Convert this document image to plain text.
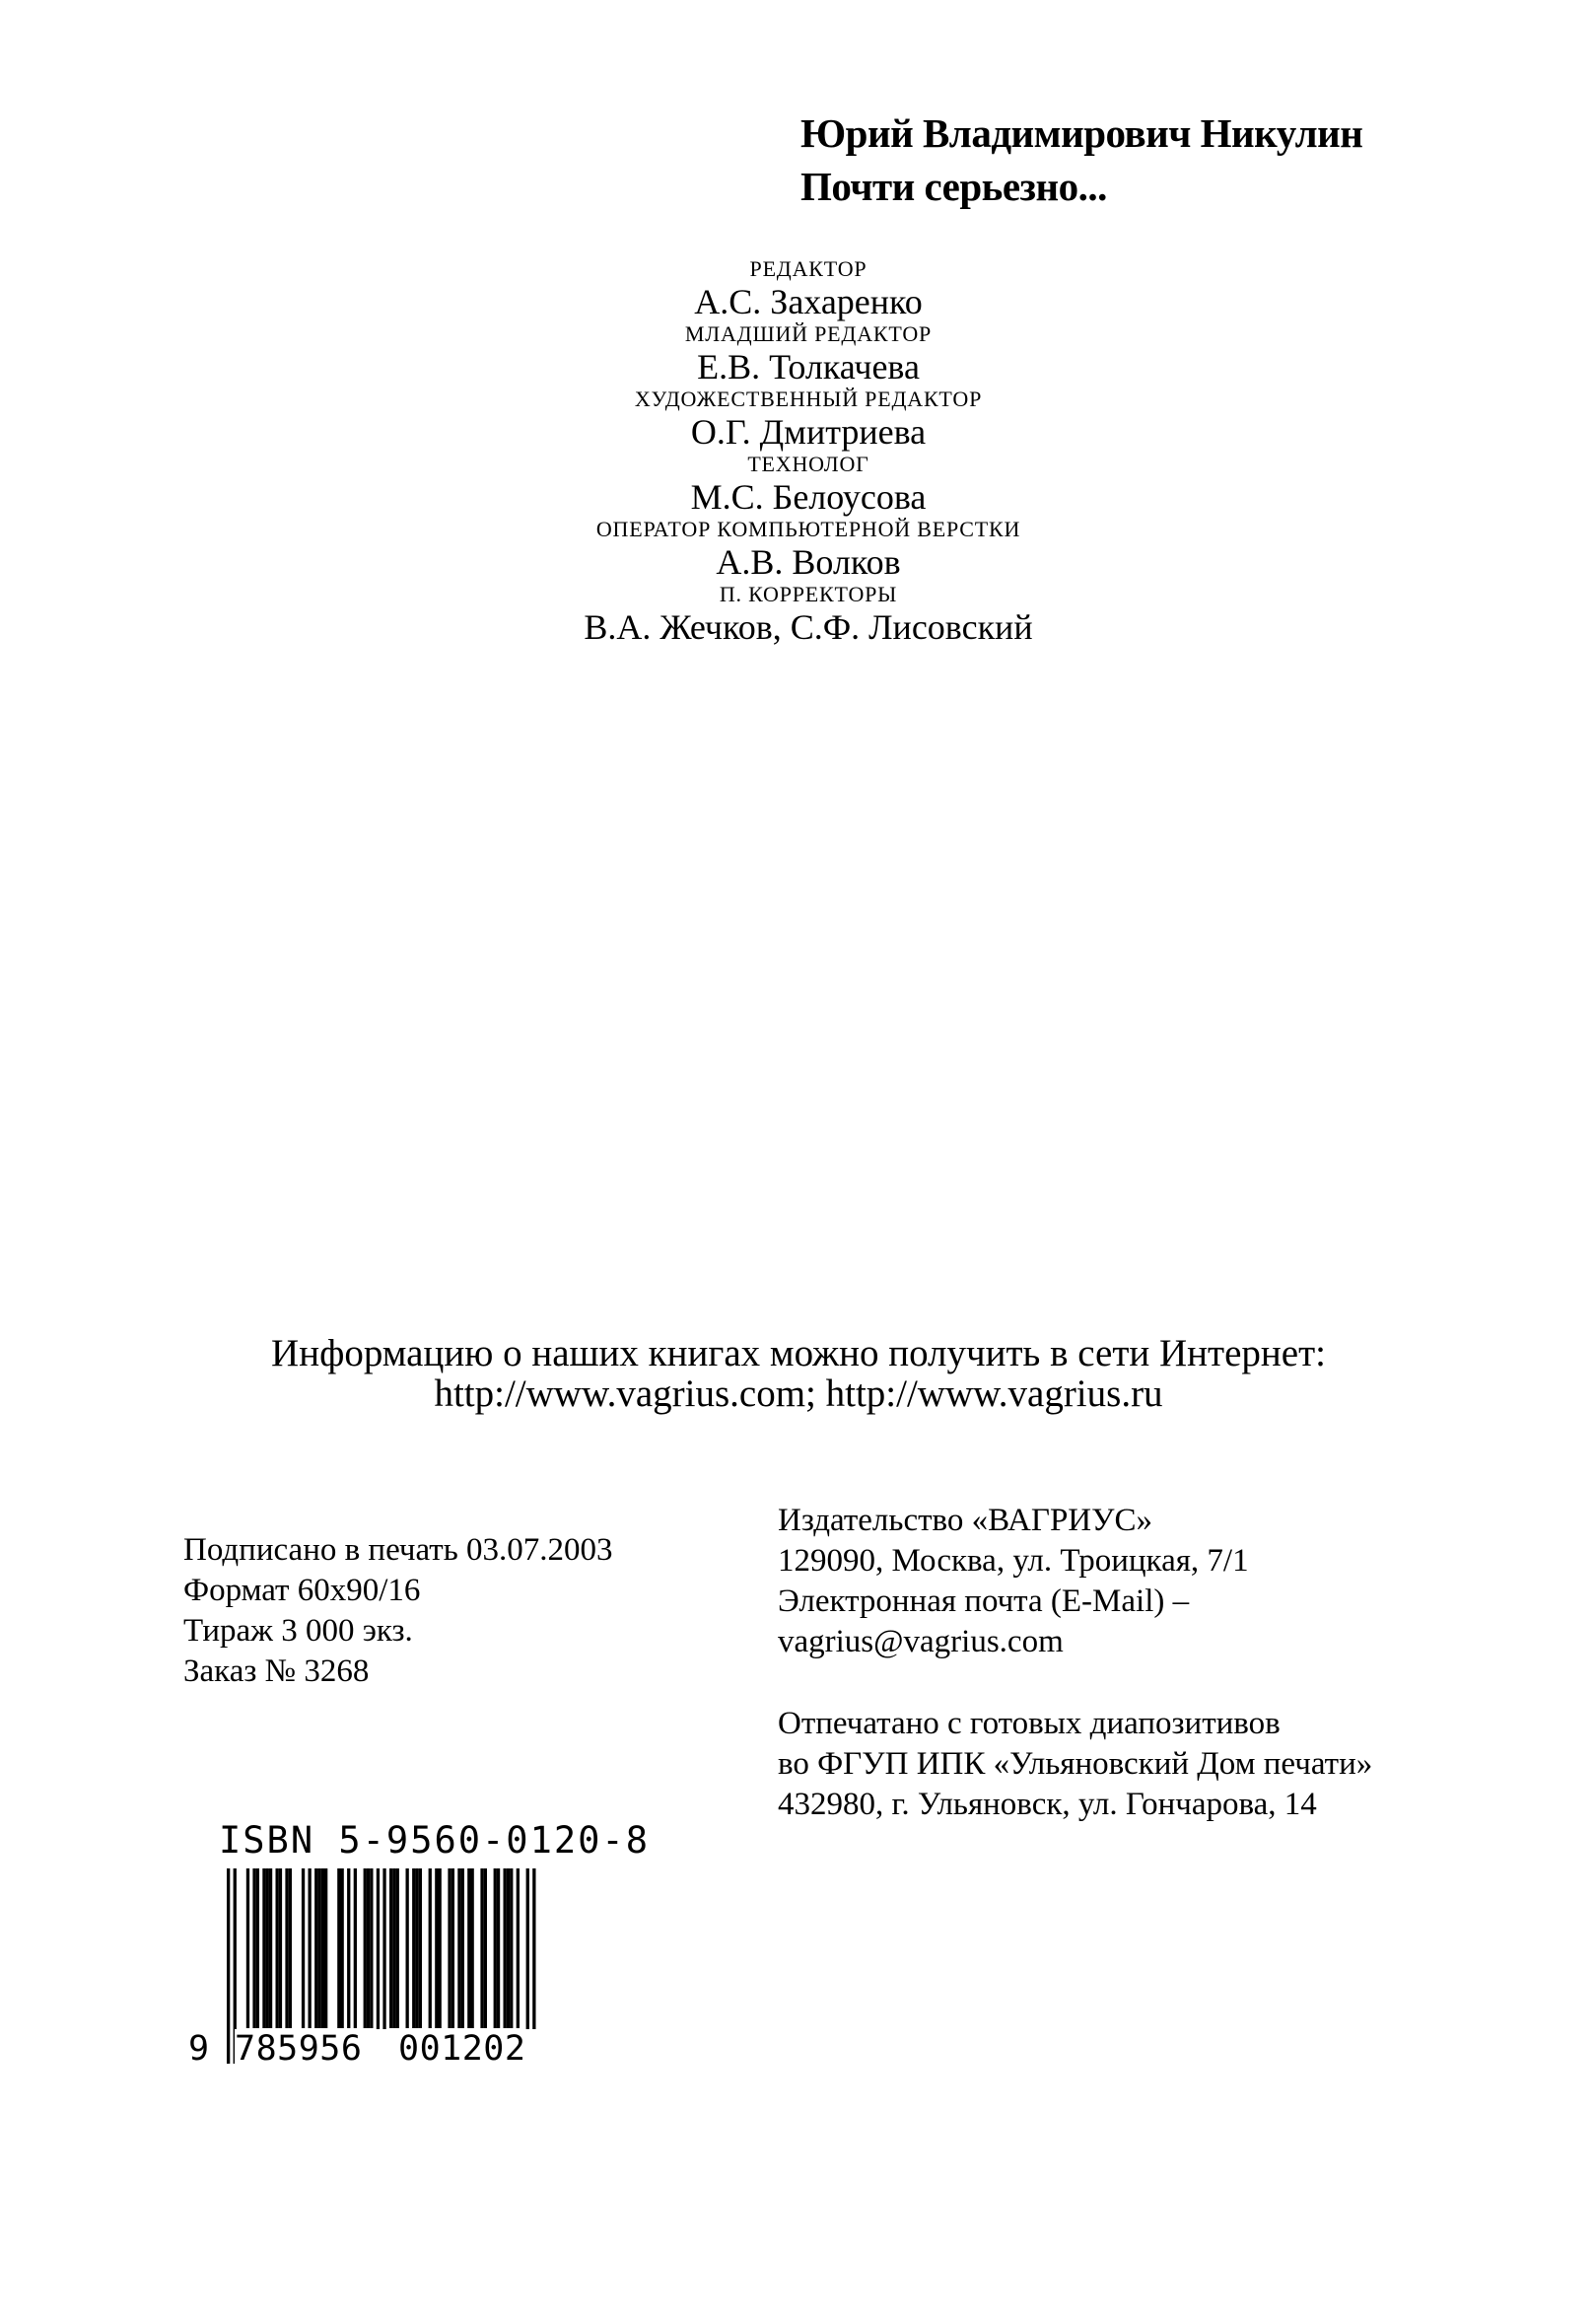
Юрий Владимирович Никулин
Почти серьезно...
РЕДАКТОР
А.С. Захаренко
МЛАДШИЙ РЕДАКТОР
Е.В. Толкачева
ХУДОЖЕСТВЕННЫЙ РЕДАКТОР
О.Г. Дмитриева
ТЕХНОЛОГ
М.С. Белоусова
ОПЕРАТОР КОМПЬЮТЕРНОЙ ВЕРСТКИ
А.В. Волков
П. КОРРЕКТОРЫ
В.А. Жечков, С.Ф. Лисовский
Информацию о наших книгах можно получить в сети Интернет:
http://www.vagrius.com; http://www.vagrius.ru
Подписано в печать 03.07.2003
Формат 60x90/16
Тираж 3 000 экз.
Заказ № 3268
Издательство «ВАГРИУС»
129090, Москва, ул. Троицкая, 7/1
Электронная почта (E-Mail) –
vagrius@vagrius.com
Отпечатано с готовых диапозитивов
во ФГУП ИПК «Ульяновский Дом печати»
432980, г. Ульяновск, ул. Гончарова, 14
ISBN 5-9560-0120-8
9 785956	001202
